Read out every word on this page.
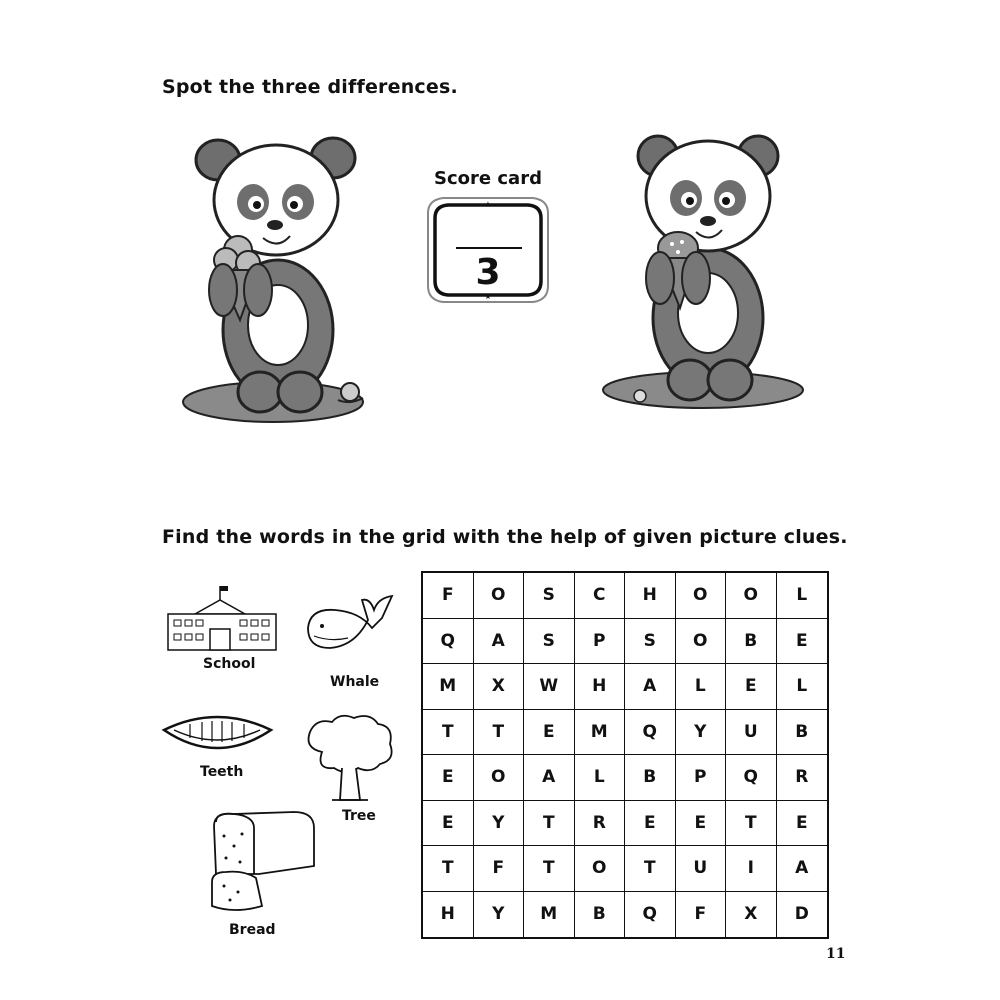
Spot the three differences.
★
★
Score card
3
Find the words in the grid with the help of given picture clues.
School
Whale
Teeth
Tree
Bread
F	O	S	C	H	O	O	L
Q	A	S	P	S	O	B	E
M	X	W	H	A	L	E	L
T	T	E	M	Q	Y	U	B
E	O	A	L	B	P	Q	R
E	Y	T	R	E	E	T	E
T	F	T	O	T	U	I	A
H	Y	M	B	Q	F	X	D
11
